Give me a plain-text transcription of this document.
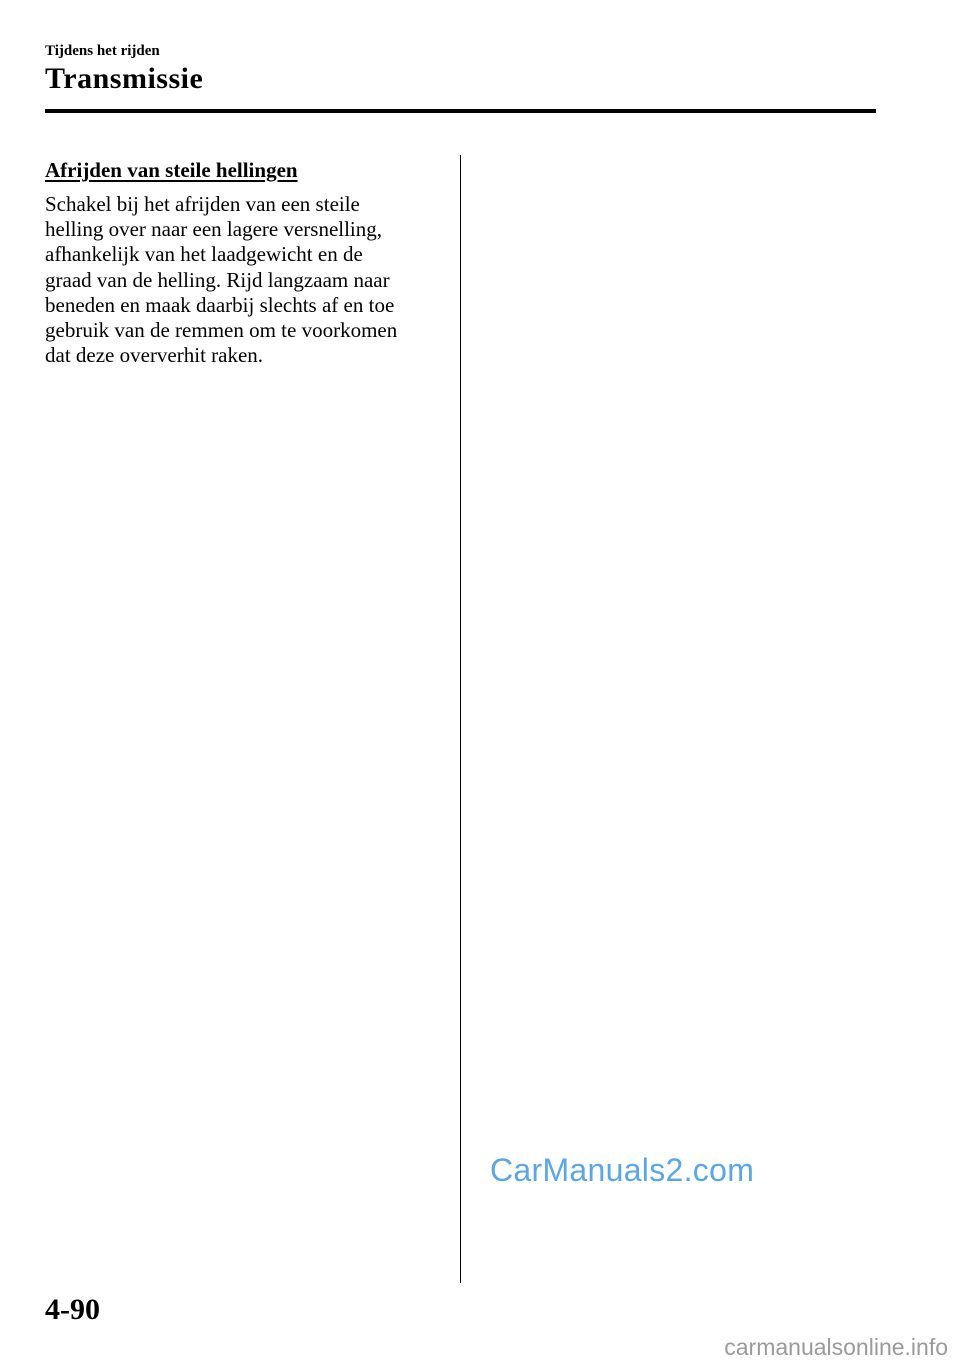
Tijdens het rijden
Transmissie
Afrijden van steile hellingen

Schakel bij het afrijden van een steile
helling over naar een lagere versnelling,
afhankelijk van het laadgewicht en de
graad van de helling. Rijd langzaam naar
beneden en maak daarbij slechts af en toe
gebruik van de remmen om te voorkomen
dat deze oververhit raken.

CarManuals2.com
4-90
carmanualsonline.info
